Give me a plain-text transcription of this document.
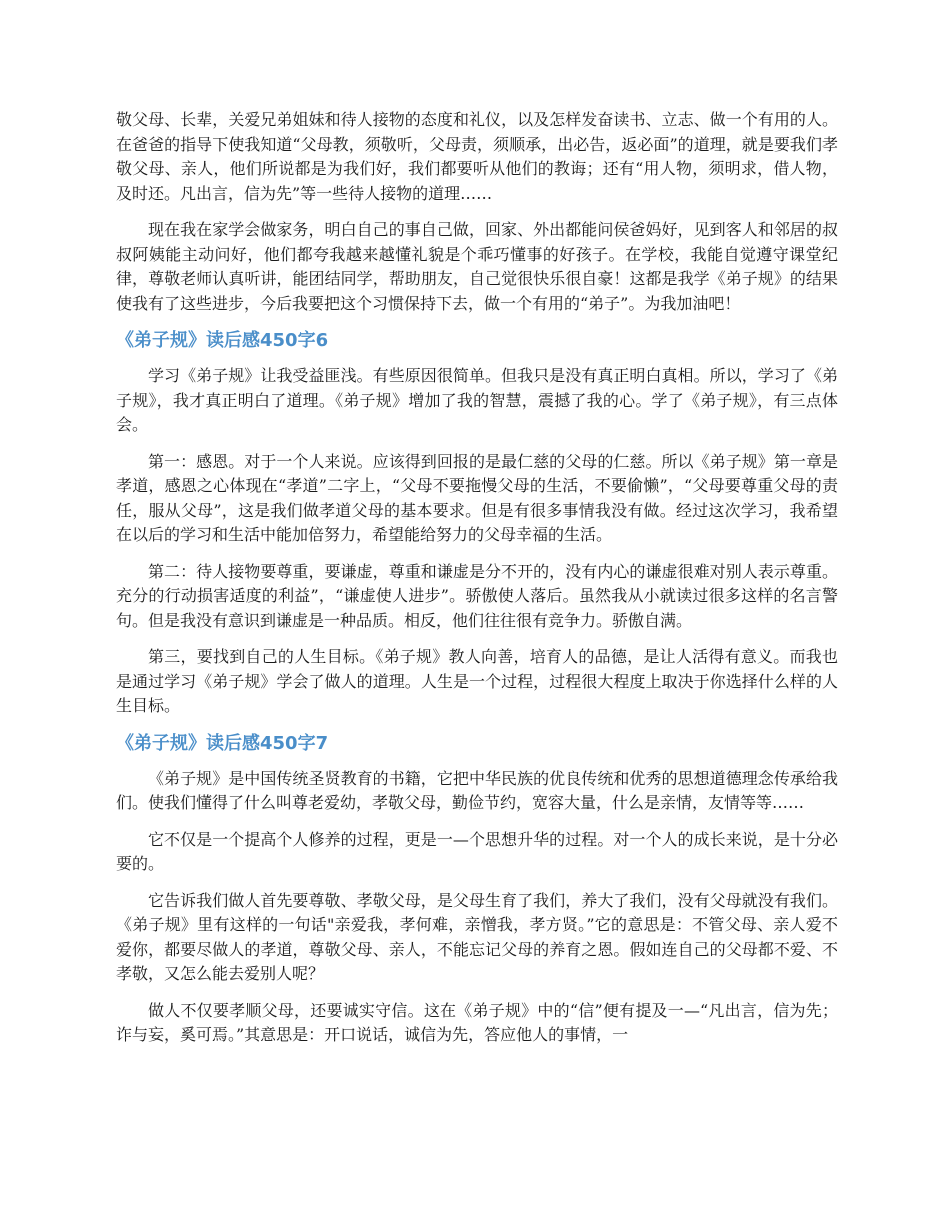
敬父母、长辈，关爱兄弟姐妹和待人接物的态度和礼仪，以及怎样发奋读书、立志、做一个有用的人。在爸爸的指导下使我知道“父母教，须敬听，父母责，须顺承，出必告，返必面”的道理，就是要我们孝敬父母、亲人，他们所说都是为我们好，我们都要听从他们的教诲；还有“用人物，须明求，借人物，及时还。凡出言，信为先”等一些待人接物的道理……

现在我在家学会做家务，明白自己的事自己做，回家、外出都能问侯爸妈好，见到客人和邻居的叔叔阿姨能主动问好，他们都夸我越来越懂礼貌是个乖巧懂事的好孩子。在学校，我能自觉遵守课堂纪律，尊敬老师认真听讲，能团结同学，帮助朋友，自己觉很快乐很自豪！这都是我学《弟子规》的结果使我有了这些进步，今后我要把这个习惯保持下去，做一个有用的“弟子”。为我加油吧！

《弟子规》读后感450字6

学习《弟子规》让我受益匪浅。有些原因很简单。但我只是没有真正明白真相。所以，学习了《弟子规》，我才真正明白了道理。《弟子规》增加了我的智慧，震撼了我的心。学了《弟子规》，有三点体会。

第一：感恩。对于一个人来说。应该得到回报的是最仁慈的父母的仁慈。所以《弟子规》第一章是孝道，感恩之心体现在“孝道”二字上，“父母不要拖慢父母的生活，不要偷懒”，“父母要尊重父母的责任，服从父母”，这是我们做孝道父母的基本要求。但是有很多事情我没有做。经过这次学习，我希望在以后的学习和生活中能加倍努力，希望能给努力的父母幸福的生活。

第二：待人接物要尊重，要谦虚，尊重和谦虚是分不开的，没有内心的谦虚很难对别人表示尊重。充分的行动损害适度的利益”，“谦虚使人进步”。骄傲使人落后。虽然我从小就读过很多这样的名言警句。但是我没有意识到谦虚是一种品质。相反，他们往往很有竞争力。骄傲自满。

第三，要找到自己的人生目标。《弟子规》教人向善，培育人的品德，是让人活得有意义。而我也是通过学习《弟子规》学会了做人的道理。人生是一个过程，过程很大程度上取决于你选择什么样的人生目标。

《弟子规》读后感450字7

《弟子规》是中国传统圣贤教育的书籍，它把中华民族的优良传统和优秀的思想道德理念传承给我们。使我们懂得了什么叫尊老爱幼，孝敬父母，勤俭节约，宽容大量，什么是亲情，友情等等……

它不仅是一个提高个人修养的过程，更是一—个思想升华的过程。对一个人的成长来说，是十分必要的。

它告诉我们做人首先要尊敬、孝敬父母，是父母生育了我们，养大了我们，没有父母就没有我们。《弟子规》里有这样的一句话"亲爱我，孝何难，亲憎我，孝方贤。”它的意思是：不管父母、亲人爱不爱你，都要尽做人的孝道，尊敬父母、亲人，不能忘记父母的养育之恩。假如连自己的父母都不爱、不孝敬，又怎么能去爱别人呢？

做人不仅要孝顺父母，还要诚实守信。这在《弟子规》中的“信”便有提及一—“凡出言，信为先；诈与妄，奚可焉。”其意思是：开口说话，诚信为先，答应他人的事情，一
